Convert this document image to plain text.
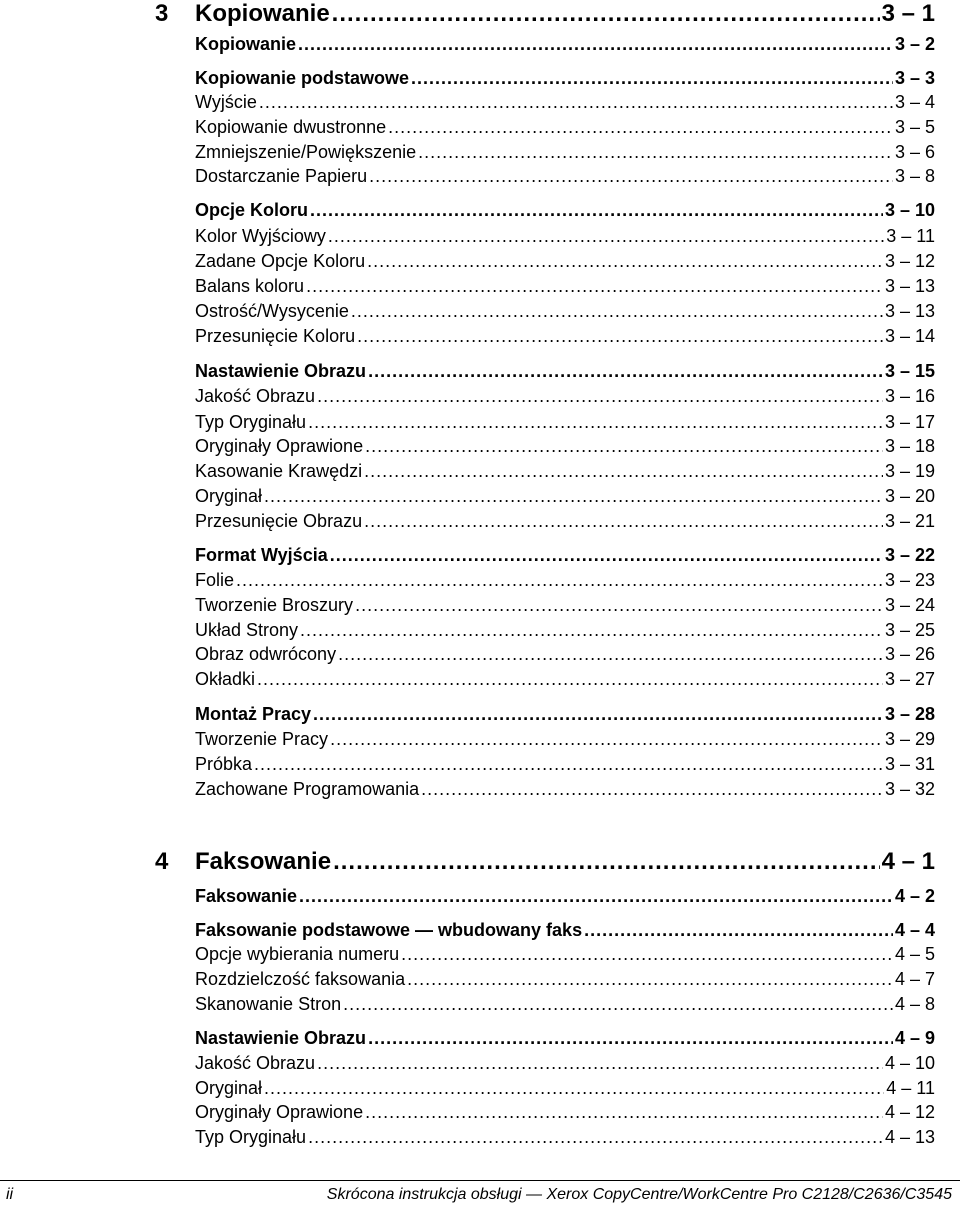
3	Kopiowanie .....	3 – 1
Kopiowanie .....	3 – 2
Kopiowanie podstawowe .....	3 – 3
Wyjście .....	3 – 4
Kopiowanie dwustronne .....	3 – 5
Zmniejszenie/Powiększenie .....	3 – 6
Dostarczanie Papieru .....	3 – 8
Opcje Koloru .....	3 – 10
Kolor Wyjściowy .....	3 – 11
Zadane Opcje Koloru .....	3 – 12
Balans koloru .....	3 – 13
Ostrość/Wysycenie .....	3 – 13
Przesunięcie Koloru .....	3 – 14
Nastawienie Obrazu .....	3 – 15
Jakość Obrazu .....	3 – 16
Typ Oryginału .....	3 – 17
Oryginały Oprawione .....	3 – 18
Kasowanie Krawędzi .....	3 – 19
Oryginał .....	3 – 20
Przesunięcie Obrazu .....	3 – 21
Format Wyjścia .....	3 – 22
Folie .....	3 – 23
Tworzenie Broszury .....	3 – 24
Układ Strony .....	3 – 25
Obraz odwrócony .....	3 – 26
Okładki .....	3 – 27
Montaż Pracy .....	3 – 28
Tworzenie Pracy .....	3 – 29
Próbka .....	3 – 31
Zachowane Programowania .....	3 – 32
4	Faksowanie .....	4 – 1
Faksowanie .....	4 – 2
Faksowanie podstawowe — wbudowany faks .....	4 – 4
Opcje wybierania numeru .....	4 – 5
Rozdzielczość faksowania .....	4 – 7
Skanowanie Stron .....	4 – 8
Nastawienie Obrazu .....	4 – 9
Jakość Obrazu .....	4 – 10
Oryginał .....	4 – 11
Oryginały Oprawione .....	4 – 12
Typ Oryginału .....	4 – 13
ii	Skrócona instrukcja obsługi — Xerox CopyCentre/WorkCentre Pro C2128/C2636/C3545
